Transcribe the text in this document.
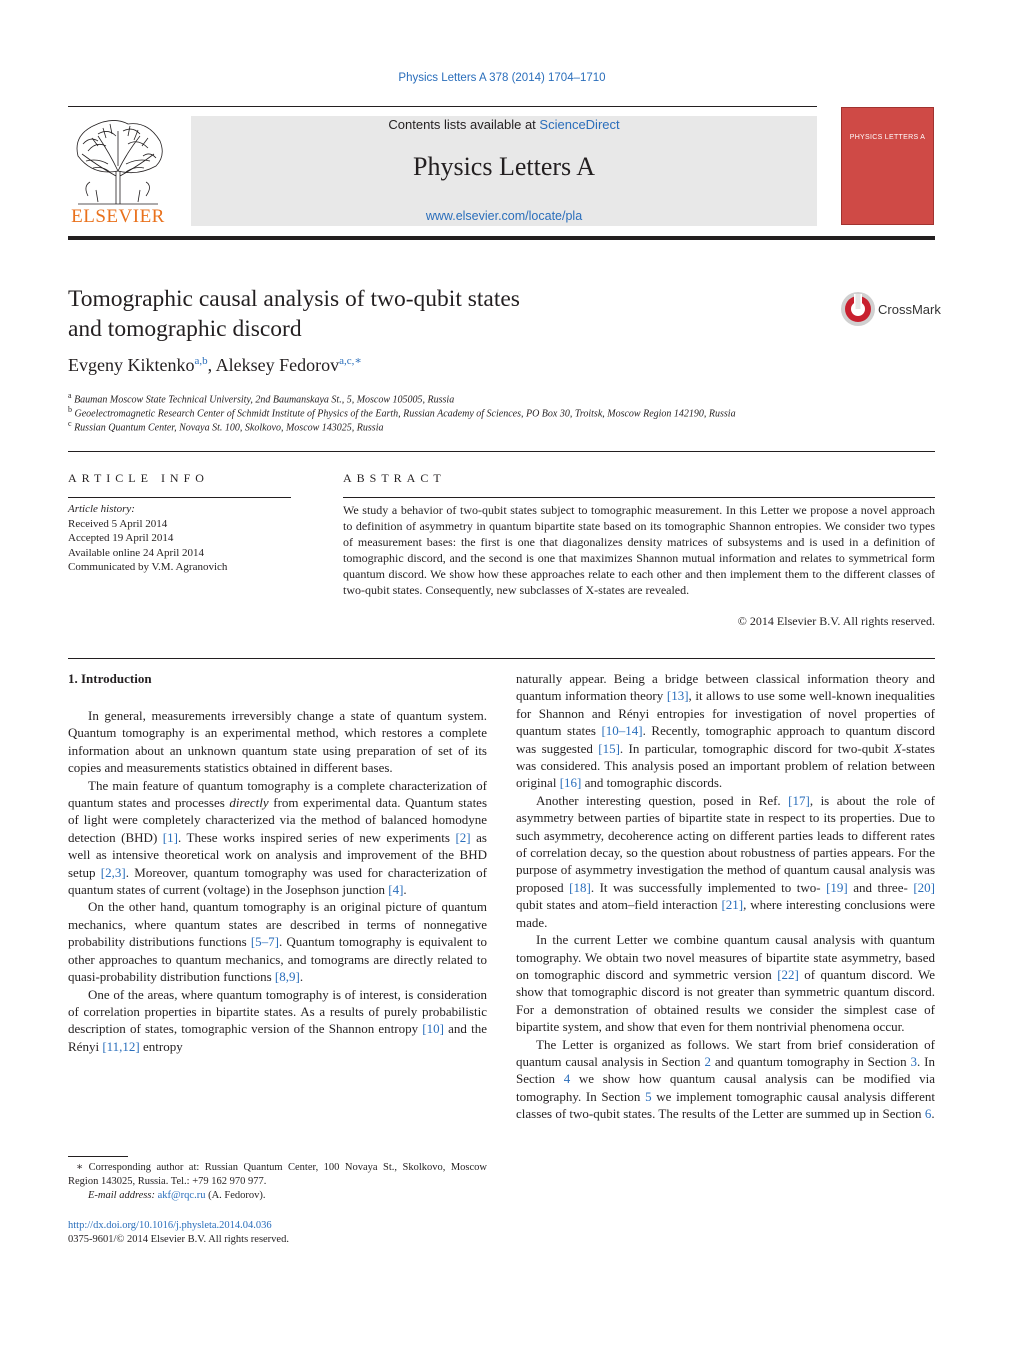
Physics Letters A 378 (2014) 1704–1710
ELSEVIER
Contents lists available at ScienceDirect
Physics Letters A
www.elsevier.com/locate/pla
PHYSICS LETTERS A
Tomographic causal analysis of two-qubit states
and tomographic discord
CrossMark
Evgeny Kiktenko$^{a,b}$, Aleksey Fedorov$^{a,c,∗}$
$^a$ Bauman Moscow State Technical University, 2nd Baumanskaya St., 5, Moscow 105005, Russia
$^b$ Geoelectromagnetic Research Center of Schmidt Institute of Physics of the Earth, Russian Academy of Sciences, PO Box 30, Troitsk, Moscow Region 142190, Russia
$^c$ Russian Quantum Center, Novaya St. 100, Skolkovo, Moscow 143025, Russia
ARTICLE INFO
Article history:
Received 5 April 2014
Accepted 19 April 2014
Available online 24 April 2014
Communicated by V.M. Agranovich
ABSTRACT
We study a behavior of two-qubit states subject to tomographic measurement. In this Letter we propose a novel approach to definition of asymmetry in quantum bipartite state based on its tomographic Shannon entropies. We consider two types of measurement bases: the first is one that diagonalizes density matrices of subsystems and is used in a definition of tomographic discord, and the second is one that maximizes Shannon mutual information and relates to symmetrical form quantum discord. We show how these approaches relate to each other and then implement them to the different classes of two-qubit states. Consequently, new subclasses of X-states are revealed.
© 2014 Elsevier B.V. All rights reserved.
1. Introduction

In general, measurements irreversibly change a state of quantum system. Quantum tomography is an experimental method, which restores a complete information about an unknown quantum state using preparation of set of its copies and measurements statistics obtained in different bases.

The main feature of quantum tomography is a complete characterization of quantum states and processes directly from experimental data. Quantum states of light were completely characterized via the method of balanced homodyne detection (BHD) [1]. These works inspired series of new experiments [2] as well as intensive theoretical work on analysis and improvement of the BHD setup [2,3]. Moreover, quantum tomography was used for characterization of quantum states of current (voltage) in the Josephson junction [4].

On the other hand, quantum tomography is an original picture of quantum mechanics, where quantum states are described in terms of nonnegative probability distributions functions [5–7]. Quantum tomography is equivalent to other approaches to quantum mechanics, and tomograms are directly related to quasi-probability distribution functions [8,9].

One of the areas, where quantum tomography is of interest, is consideration of correlation properties in bipartite states. As a results of purely probabilistic description of states, tomographic version of the Shannon entropy [10] and the Rényi [11,12] entropy

naturally appear. Being a bridge between classical information theory and quantum information theory [13], it allows to use some well-known inequalities for Shannon and Rényi entropies for investigation of novel properties of quantum states [10–14]. Recently, tomographic approach to quantum discord was suggested [15]. In particular, tomographic discord for two-qubit X-states was considered. This analysis posed an important problem of relation between original [16] and tomographic discords.

Another interesting question, posed in Ref. [17], is about the role of asymmetry between parties of bipartite state in respect to its properties. Due to such asymmetry, decoherence acting on different parties leads to different rates of correlation decay, so the question about robustness of parties appears. For the purpose of asymmetry investigation the method of quantum causal analysis was proposed [18]. It was successfully implemented to two- [19] and three- [20] qubit states and atom–field interaction [21], where interesting conclusions were made.

In the current Letter we combine quantum causal analysis with quantum tomography. We obtain two novel measures of bipartite state asymmetry, based on tomographic discord and symmetric version [22] of quantum discord. We show that tomographic discord is not greater than symmetric quantum discord. For a demonstration of obtained results we consider the simplest case of bipartite system, and show that even for them nontrivial phenomena occur.

The Letter is organized as follows. We start from brief consideration of quantum causal analysis in Section 2 and quantum tomography in Section 3. In Section 4 we show how quantum causal analysis can be modified via tomography. In Section 5 we implement tomographic causal analysis different classes of two-qubit states. The results of the Letter are summed up in Section 6.

∗ Corresponding author at: Russian Quantum Center, 100 Novaya St., Skolkovo, Moscow Region 143025, Russia. Tel.: +79 162 970 977.
E-mail address: akf@rqc.ru (A. Fedorov).
http://dx.doi.org/10.1016/j.physleta.2014.04.036
0375-9601/© 2014 Elsevier B.V. All rights reserved.
